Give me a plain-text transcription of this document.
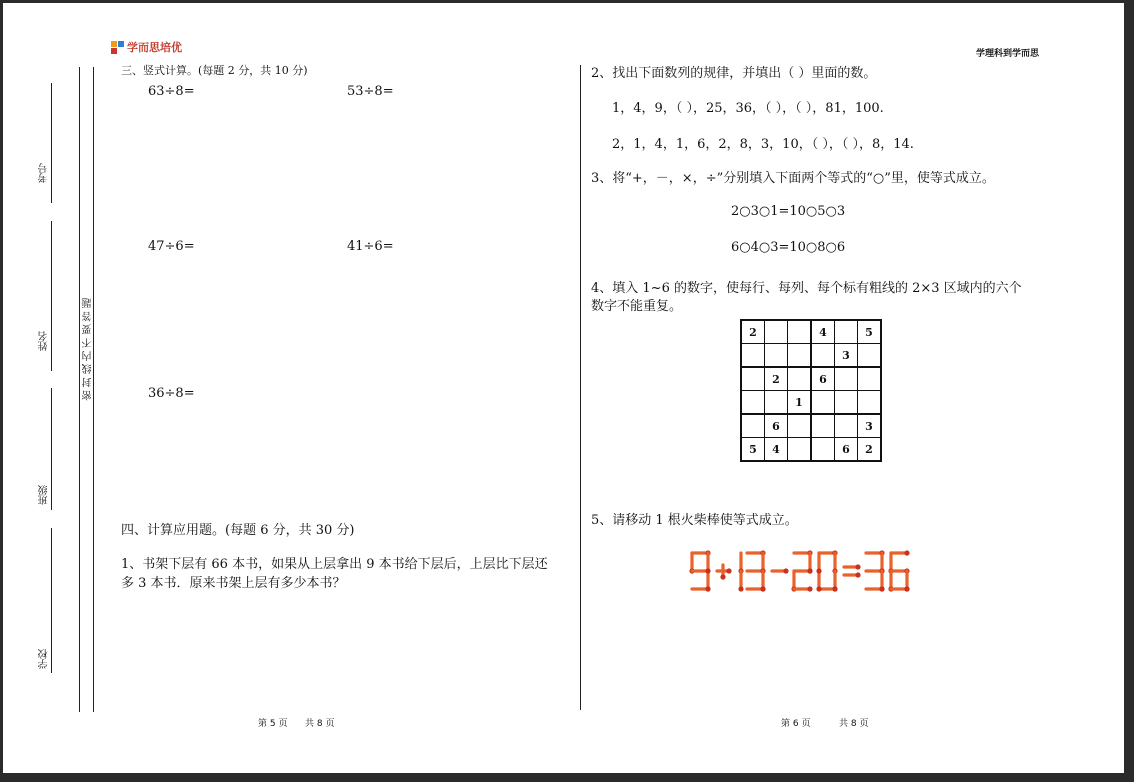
学而思培优	学理科到学而思
考号
姓名
班级
学校
密 封 线 内 不 要 答 题
三、竖式计算。(每题 2 分，共 10 分)
63÷8=	53÷8=
47÷6=	41÷6=
36÷8=
四、计算应用题。(每题 6 分，共 30 分)
1、书架下层有 66 本书，如果从上层拿出 9 本书给下层后，上层比下层还
多 3 本书．原来书架上层有多少本书？
2、找出下面数列的规律，并填出（ ）里面的数。
1，4，9，（ ），25，36，（ ），（ ），81，100.
2，1，4，1，6，2，8，3，10，（ ），（ ），8，14.
3、将“+，－，×，÷”分别填入下面两个等式的“○”里，使等式成立。
2○3○1=10○5○3
6○4○3=10○8○6
4、填入 1~6 的数字，使每行、每列、每个标有粗线的 2×3 区域内的六个
数字不能重复。
2			4		5
				3	
	2		6		
		1			
	6				3
5	4			6	2
5、请移动 1 根火柴棒使等式成立。
第 5 页 共 8 页	第 6 页	共 8 页
